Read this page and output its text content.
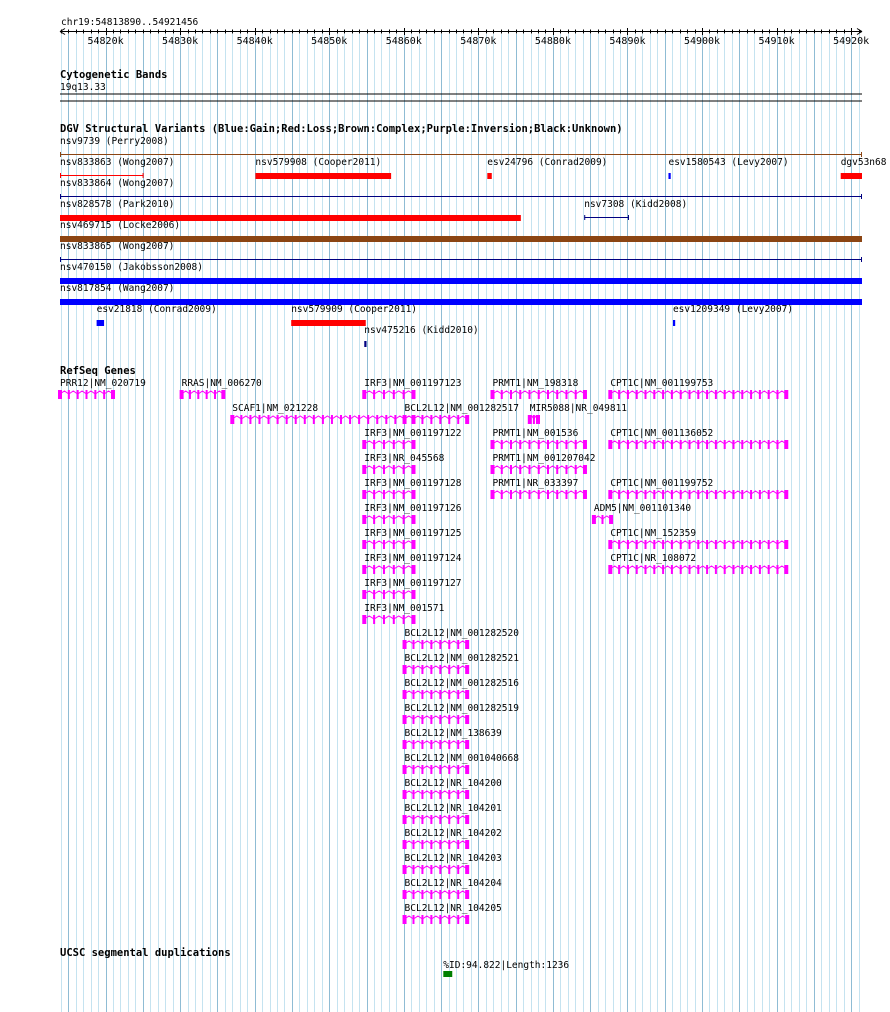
chr19:54813890..54921456
54820k	54830k	54840k	54850k	54860k	54870k	54880k	54890k	54900k	54910k	54920k
Cytogenetic Bands
19q13.33
DGV Structural Variants (Blue:Gain;Red:Loss;Brown:Complex;Purple:Inversion;Black:Unknown)
nsv9739 (Perry2008)
nsv833863 (Wong2007)	nsv579908 (Cooper2011)	esv24796 (Conrad2009)	esv1580543 (Levy2007)	dgv53n68
nsv833864 (Wong2007)
nsv828578 (Park2010)	nsv7308 (Kidd2008)
nsv469715 (Locke2006)
nsv833865 (Wong2007)
nsv470150 (Jakobsson2008)
nsv817854 (Wang2007)
esv21818 (Conrad2009)	nsv579909 (Cooper2011)	esv1209349 (Levy2007)
nsv475216 (Kidd2010)
RefSeq Genes
PRR12|NM_020719	RRAS|NM_006270	IRF3|NM_001197123	PRMT1|NM_198318	CPT1C|NM_001199753
SCAF1|NM_021228	BCL2L12|NM_001282517 MIR5088|NR_049811
IRF3|NM_001197122	PRMT1|NM_001536	CPT1C|NM_001136052
IRF3|NR_045568	PRMT1|NM_001207042
IRF3|NM_001197128	PRMT1|NR_033397	CPT1C|NM_001199752
IRF3|NM_001197126	ADM5|NM_001101340
IRF3|NM_001197125	CPT1C|NM_152359
IRF3|NM_001197124	CPT1C|NR_108072
IRF3|NM_001197127
IRF3|NM_001571
BCL2L12|NM_001282520
BCL2L12|NM_001282521
BCL2L12|NM_001282516
BCL2L12|NM_001282519
BCL2L12|NM_138639
BCL2L12|NM_001040668
BCL2L12|NR_104200
BCL2L12|NR_104201
BCL2L12|NR_104202
BCL2L12|NR_104203
BCL2L12|NR_104204
BCL2L12|NR_104205
UCSC segmental duplications
%ID:94.822|Length:1236
